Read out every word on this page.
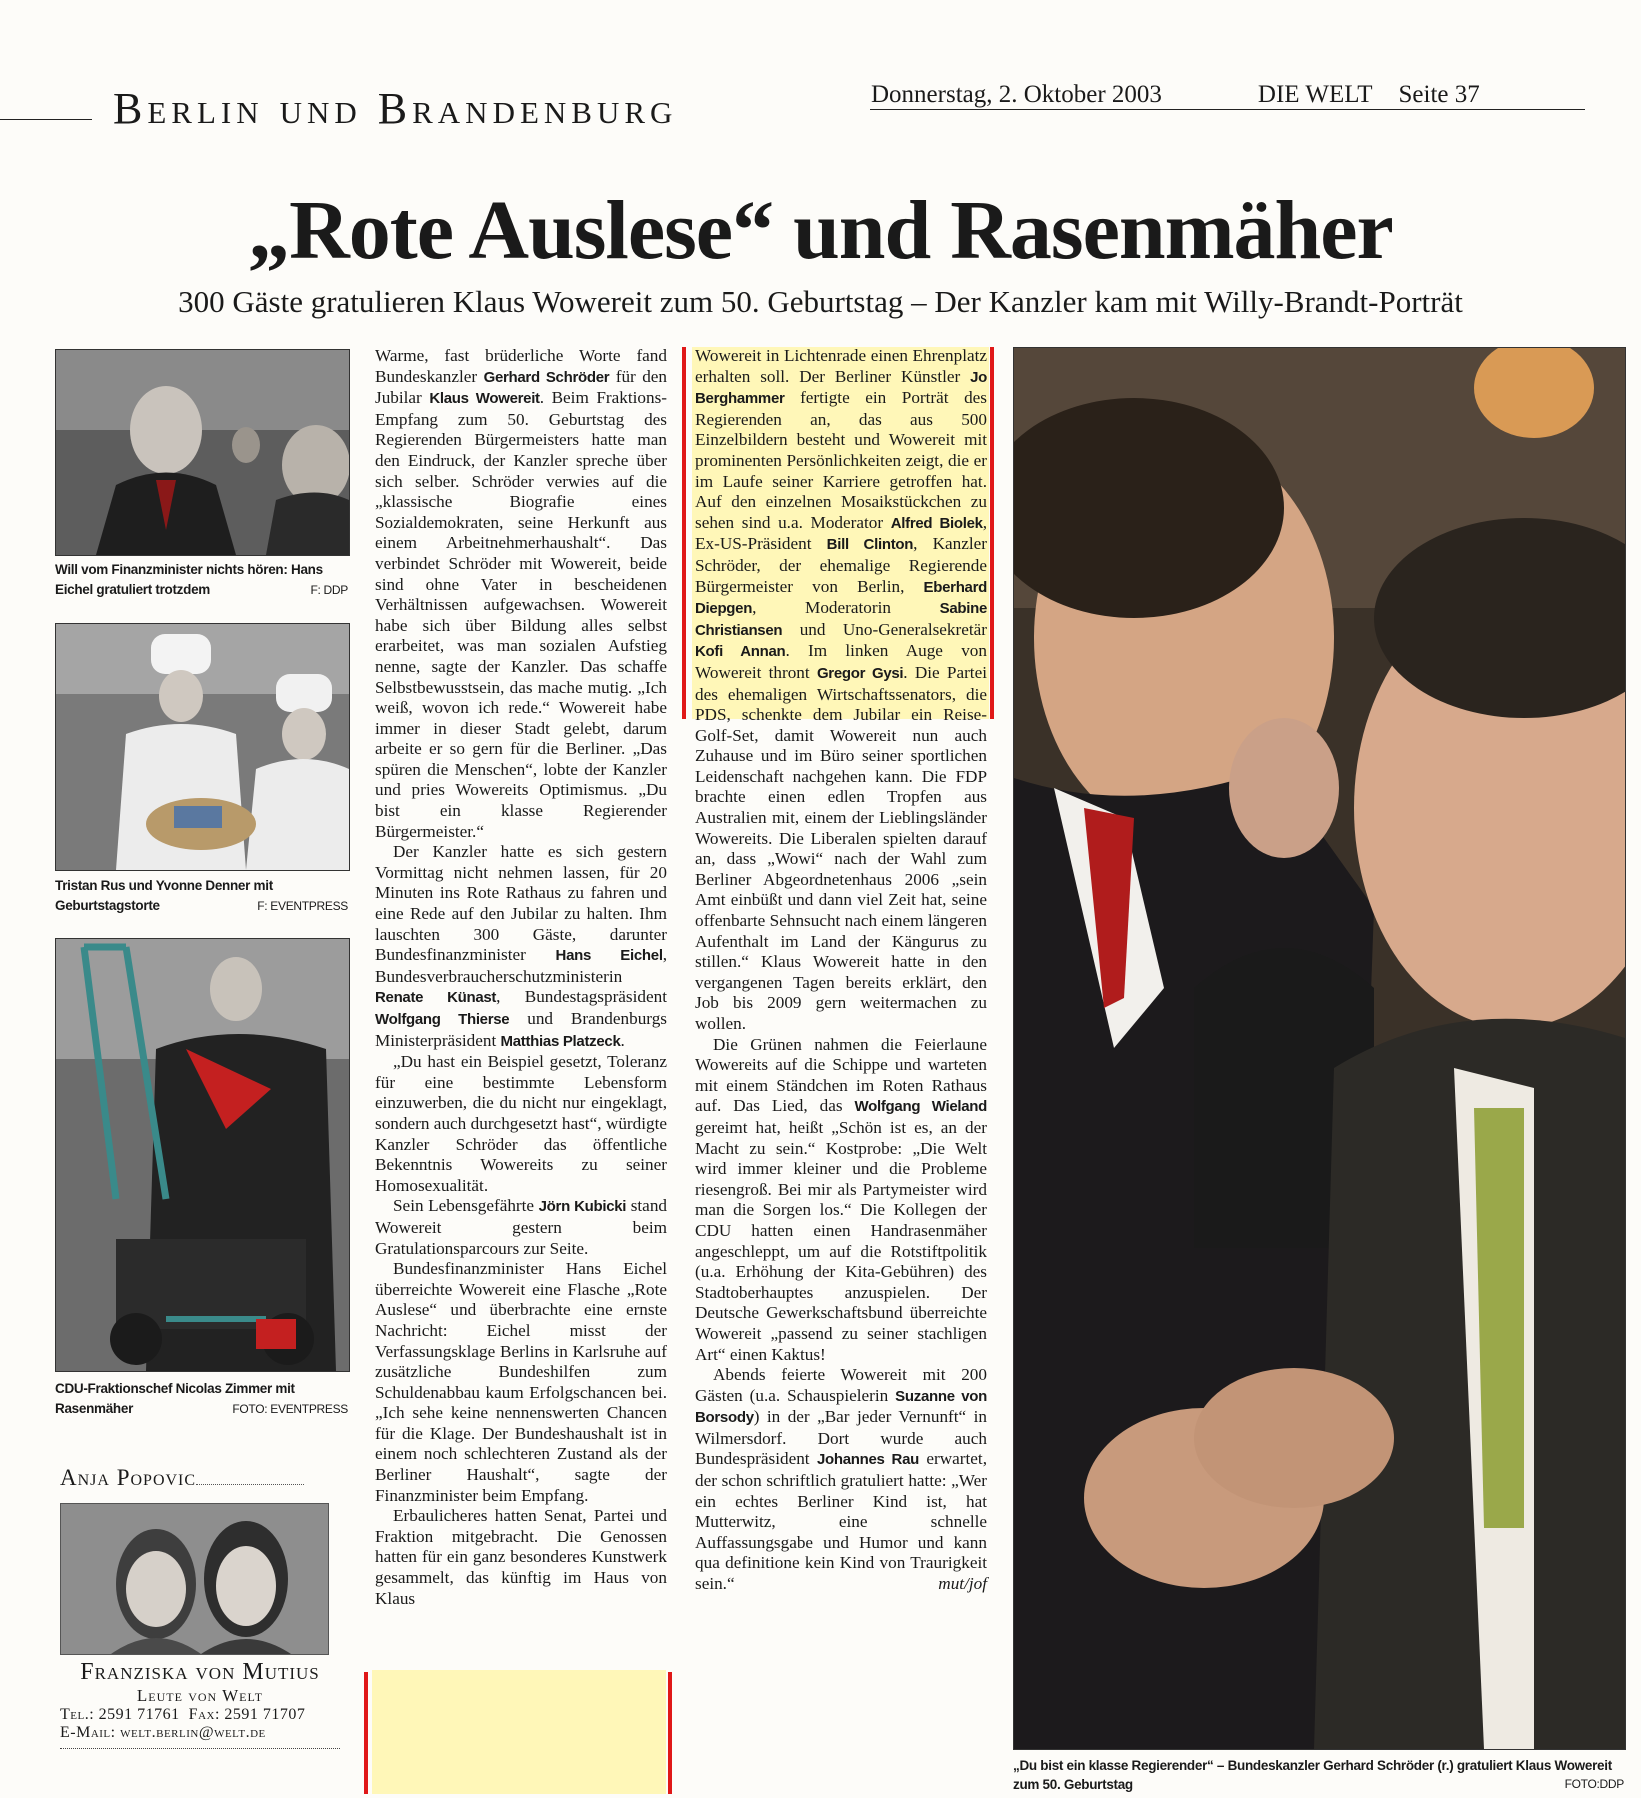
Berlin und Brandenburg	Donnerstag, 2. Oktober 2003	DIE WELT Seite 37
„Rote Auslese“ und Rasenmäher
300 Gäste gratulieren Klaus Wowereit zum 50. Geburtstag – Der Kanzler kam mit Willy-Brandt-Porträt
Will vom Finanzminister nichts hören: Hans Eichel gratuliert trotzdem	F: DDP
Tristan Rus und Yvonne Denner mit Geburtstagstorte	F: EVENTPRESS
CDU-Fraktionschef Nicolas Zimmer mit Rasenmäher	FOTO: EVENTPRESS
Anja Popovic
Franziska von Mutius
Leute von Welt
Tel.: 2591 71761 Fax: 2591 71707
E-Mail: welt.berlin@welt.de

Warme, fast brüderliche Worte fand Bundeskanzler Gerhard Schröder für den Jubilar Klaus Wowereit. Beim Fraktions-Empfang zum 50. Geburtstag des Regierenden Bürgermeisters hatte man den Eindruck, der Kanzler spreche über sich selber. Schröder verwies auf die „klassische Biografie eines Sozialdemokraten, seine Herkunft aus einem Arbeitnehmerhaushalt“. Das verbindet Schröder mit Wowereit, beide sind ohne Vater in bescheidenen Verhältnissen aufgewachsen. Wowereit habe sich über Bildung alles selbst erarbeitet, was man sozialen Aufstieg nenne, sagte der Kanzler. Das schaffe Selbstbewusstsein, das mache mutig. „Ich weiß, wovon ich rede.“ Wowereit habe immer in dieser Stadt gelebt, darum arbeite er so gern für die Berliner. „Das spüren die Menschen“, lobte der Kanzler und pries Wowereits Optimismus. „Du bist ein klasse Regierender Bürgermeister.“

Der Kanzler hatte es sich gestern Vormittag nicht nehmen lassen, für 20 Minuten ins Rote Rathaus zu fahren und eine Rede auf den Jubilar zu halten. Ihm lauschten 300 Gäste, darunter Bundesfinanzminister Hans Eichel, Bundesverbraucherschutzministerin Renate Künast, Bundestagspräsident Wolfgang Thierse und Brandenburgs Ministerpräsident Matthias Platzeck.

„Du hast ein Beispiel gesetzt, Toleranz für eine bestimmte Lebensform einzuwerben, die du nicht nur eingeklagt, sondern auch durchgesetzt hast“, würdigte Kanzler Schröder das öffentliche Bekenntnis Wowereits zu seiner Homosexualität.

Sein Lebensgefährte Jörn Kubicki stand Wowereit gestern beim Gratulationsparcours zur Seite.

Bundesfinanzminister Hans Eichel überreichte Wowereit eine Flasche „Rote Auslese“ und überbrachte eine ernste Nachricht: Eichel misst der Verfassungsklage Berlins in Karlsruhe auf zusätzliche Bundeshilfen zum Schuldenabbau kaum Erfolgschancen bei. „Ich sehe keine nennenswerten Chancen für die Klage. Der Bundeshaushalt ist in einem noch schlechteren Zustand als der Berliner Haushalt“, sagte der Finanzminister beim Empfang.

Erbaulicheres hatten Senat, Partei und Fraktion mitgebracht. Die Genossen hatten für ein ganz besonderes Kunstwerk gesammelt, das künftig im Haus von Klaus

Wowereit in Lichtenrade einen Ehrenplatz erhalten soll. Der Berliner Künstler Jo Berghammer fertigte ein Porträt des Regierenden an, das aus 500 Einzelbildern besteht und Wowereit mit prominenten Persönlichkeiten zeigt, die er im Laufe seiner Karriere getroffen hat. Auf den einzelnen Mosaikstückchen zu sehen sind u.a. Moderator Alfred Biolek, Ex-US-Präsident Bill Clinton, Kanzler Schröder, der ehemalige Regierende Bürgermeister von Berlin, Eberhard Diepgen, Moderatorin Sabine Christiansen und Uno-Generalsekretär Kofi Annan. Im linken Auge von Wowereit thront Gregor Gysi. Die Partei des ehemaligen Wirtschaftssenators, die PDS, schenkte dem Jubilar ein Reise-Golf-Set, damit Wowereit nun auch Zuhause und im Büro seiner sportlichen Leidenschaft nachgehen kann. Die FDP brachte einen edlen Tropfen aus Australien mit, einem der Lieblingsländer Wowereits. Die Liberalen spielten darauf an, dass „Wowi“ nach der Wahl zum Berliner Abgeordnetenhaus 2006 „sein Amt einbüßt und dann viel Zeit hat, seine offenbarte Sehnsucht nach einem längeren Aufenthalt im Land der Kängurus zu stillen.“ Klaus Wowereit hatte in den vergangenen Tagen bereits erklärt, den Job bis 2009 gern weitermachen zu wollen.

Die Grünen nahmen die Feierlaune Wowereits auf die Schippe und warteten mit einem Ständchen im Roten Rathaus auf. Das Lied, das Wolfgang Wieland gereimt hat, heißt „Schön ist es, an der Macht zu sein.“ Kostprobe: „Die Welt wird immer kleiner und die Probleme riesengroß. Bei mir als Partymeister wird man die Sorgen los.“ Die Kollegen der CDU hatten einen Handrasenmäher angeschleppt, um auf die Rotstiftpolitik (u.a. Erhöhung der Kita-Gebühren) des Stadtoberhauptes anzuspielen. Der Deutsche Gewerkschaftsbund überreichte Wowereit „passend zu seiner stachligen Art“ einen Kaktus!

Abends feierte Wowereit mit 200 Gästen (u.a. Schauspielerin Suzanne von Borsody) in der „Bar jeder Vernunft“ in Wilmersdorf. Dort wurde auch Bundespräsident Johannes Rau erwartet, der schon schriftlich gratuliert hatte: „Wer ein echtes Berliner Kind ist, hat Mutterwitz, eine schnelle Auffassungsgabe und Humor und kann qua definitione kein Kind von Traurigkeit sein.“	mut/jof

„Du bist ein klasse Regierender“ – Bundeskanzler Gerhard Schröder (r.) gratuliert Klaus Wowereit zum 50. Geburtstag	FOTO:DDP
